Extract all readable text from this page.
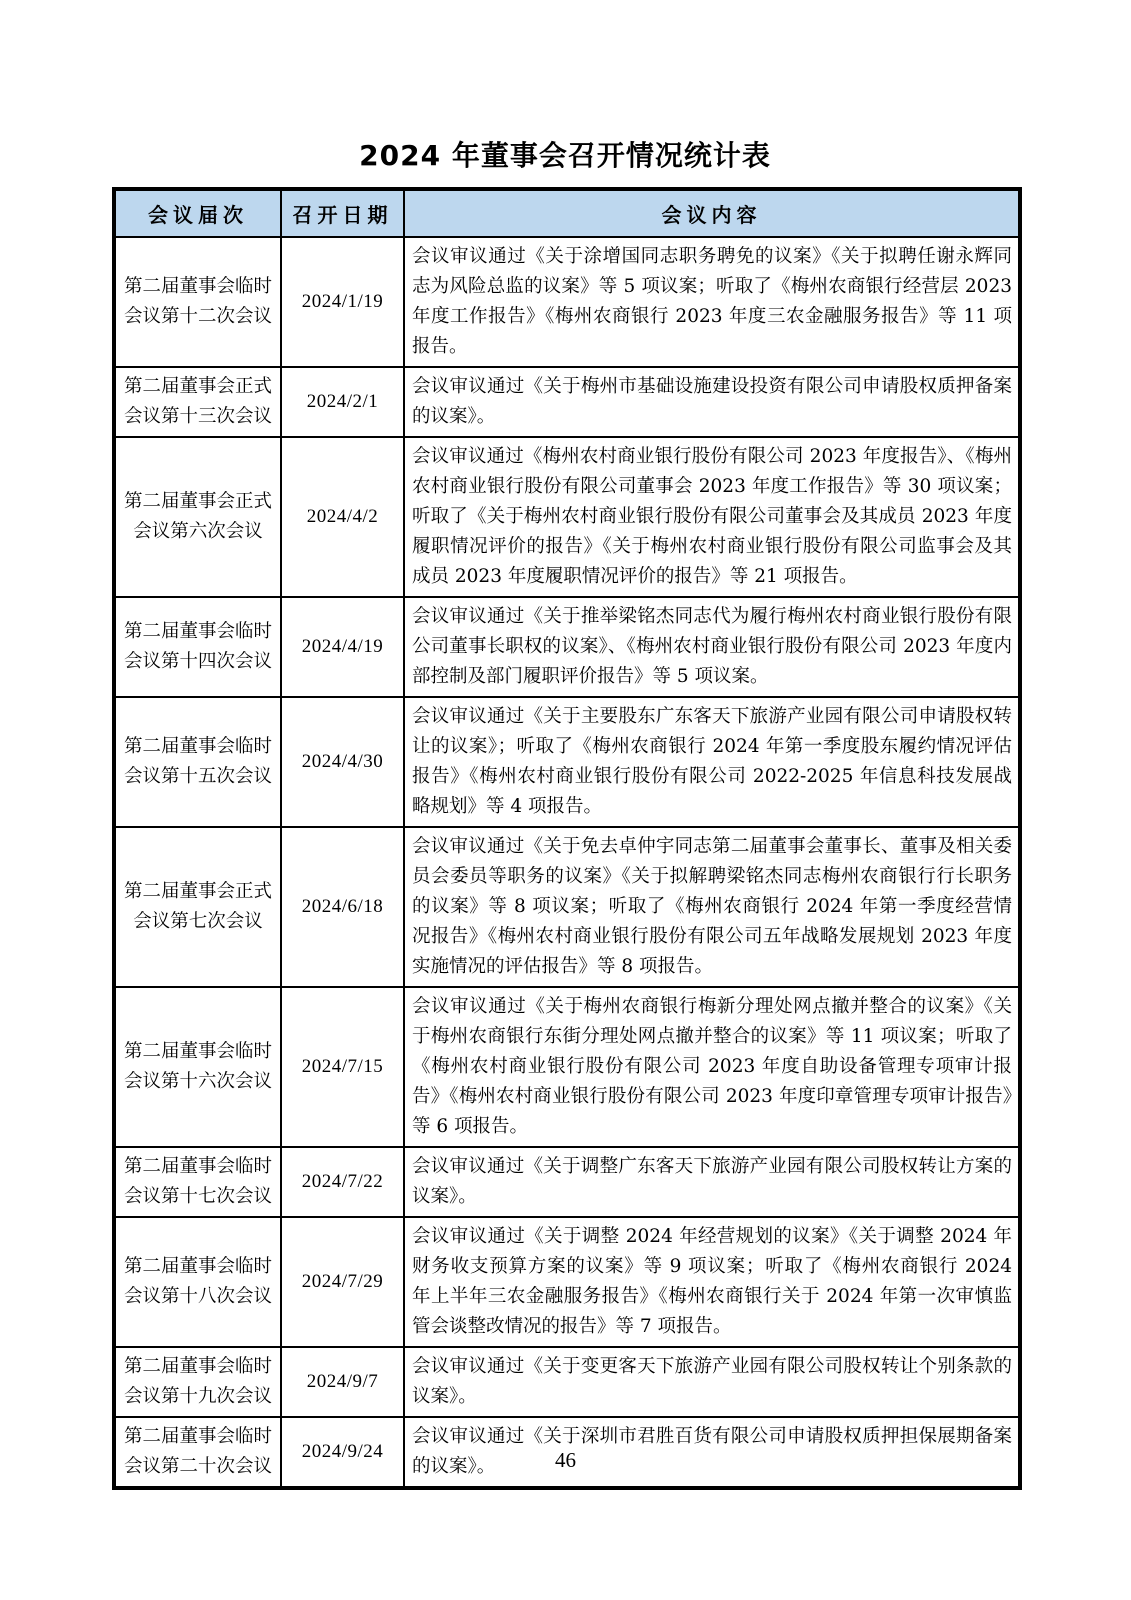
2024 年董事会召开情况统计表
会议届次	召开日期	会议内容
第二届董事会临时会议第十二次会议	2024/1/19	会议审议通过《关于涂增国同志职务聘免的议案》《关于拟聘任谢永辉同志为风险总监的议案》等 5 项议案；听取了《梅州农商银行经营层 2023 年度工作报告》《梅州农商银行 2023 年度三农金融服务报告》等 11 项报告。
第二届董事会正式会议第十三次会议	2024/2/1	会议审议通过《关于梅州市基础设施建设投资有限公司申请股权质押备案的议案》。
第二届董事会正式会议第六次会议	2024/4/2	会议审议通过《梅州农村商业银行股份有限公司 2023 年度报告》、《梅州农村商业银行股份有限公司董事会 2023 年度工作报告》等 30 项议案；听取了《关于梅州农村商业银行股份有限公司董事会及其成员 2023 年度履职情况评价的报告》《关于梅州农村商业银行股份有限公司监事会及其成员 2023 年度履职情况评价的报告》等 21 项报告。
第二届董事会临时会议第十四次会议	2024/4/19	会议审议通过《关于推举梁铭杰同志代为履行梅州农村商业银行股份有限公司董事长职权的议案》、《梅州农村商业银行股份有限公司 2023 年度内部控制及部门履职评价报告》等 5 项议案。
第二届董事会临时会议第十五次会议	2024/4/30	会议审议通过《关于主要股东广东客天下旅游产业园有限公司申请股权转让的议案》；听取了《梅州农商银行 2024 年第一季度股东履约情况评估报告》《梅州农村商业银行股份有限公司 2022-2025 年信息科技发展战略规划》等 4 项报告。
第二届董事会正式会议第七次会议	2024/6/18	会议审议通过《关于免去卓仲宇同志第二届董事会董事长、董事及相关委员会委员等职务的议案》《关于拟解聘梁铭杰同志梅州农商银行行长职务的议案》等 8 项议案；听取了《梅州农商银行 2024 年第一季度经营情况报告》《梅州农村商业银行股份有限公司五年战略发展规划 2023 年度实施情况的评估报告》等 8 项报告。
第二届董事会临时会议第十六次会议	2024/7/15	会议审议通过《关于梅州农商银行梅新分理处网点撤并整合的议案》《关于梅州农商银行东街分理处网点撤并整合的议案》等 11 项议案；听取了《梅州农村商业银行股份有限公司 2023 年度自助设备管理专项审计报告》《梅州农村商业银行股份有限公司 2023 年度印章管理专项审计报告》等 6 项报告。
第二届董事会临时会议第十七次会议	2024/7/22	会议审议通过《关于调整广东客天下旅游产业园有限公司股权转让方案的议案》。
第二届董事会临时会议第十八次会议	2024/7/29	会议审议通过《关于调整 2024 年经营规划的议案》《关于调整 2024 年财务收支预算方案的议案》等 9 项议案；听取了《梅州农商银行 2024 年上半年三农金融服务报告》《梅州农商银行关于 2024 年第一次审慎监管会谈整改情况的报告》等 7 项报告。
第二届董事会临时会议第十九次会议	2024/9/7	会议审议通过《关于变更客天下旅游产业园有限公司股权转让个别条款的议案》。
第二届董事会临时会议第二十次会议	2024/9/24	会议审议通过《关于深圳市君胜百货有限公司申请股权质押担保展期备案的议案》。	46
